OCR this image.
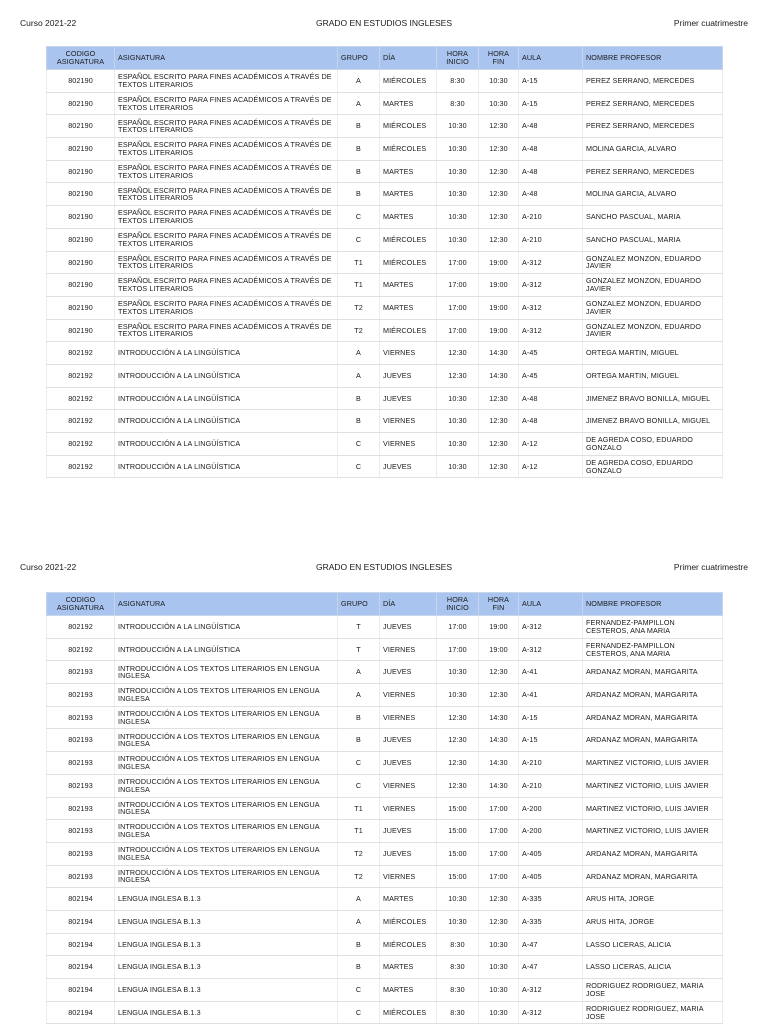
Curso 2021-22	GRADO EN ESTUDIOS INGLESES	Primer cuatrimestre
CODIGO ASIGNATURA	ASIGNATURA	GRUPO	DÍA	HORA INICIO	HORA FIN	AULA	NOMBRE PROFESOR
802190	ESPAÑOL ESCRITO PARA FINES ACADÉMICOS A TRAVÉS DE TEXTOS LITERARIOS	A	MIÉRCOLES	8:30	10:30	A-15	PEREZ SERRANO, MERCEDES
802190	ESPAÑOL ESCRITO PARA FINES ACADÉMICOS A TRAVÉS DE TEXTOS LITERARIOS	A	MARTES	8:30	10:30	A-15	PEREZ SERRANO, MERCEDES
802190	ESPAÑOL ESCRITO PARA FINES ACADÉMICOS A TRAVÉS DE TEXTOS LITERARIOS	B	MIÉRCOLES	10:30	12:30	A-48	PEREZ SERRANO, MERCEDES
802190	ESPAÑOL ESCRITO PARA FINES ACADÉMICOS A TRAVÉS DE TEXTOS LITERARIOS	B	MIÉRCOLES	10:30	12:30	A-48	MOLINA GARCIA, ALVARO
802190	ESPAÑOL ESCRITO PARA FINES ACADÉMICOS A TRAVÉS DE TEXTOS LITERARIOS	B	MARTES	10:30	12:30	A-48	PEREZ SERRANO, MERCEDES
802190	ESPAÑOL ESCRITO PARA FINES ACADÉMICOS A TRAVÉS DE TEXTOS LITERARIOS	B	MARTES	10:30	12:30	A-48	MOLINA GARCIA, ALVARO
802190	ESPAÑOL ESCRITO PARA FINES ACADÉMICOS A TRAVÉS DE TEXTOS LITERARIOS	C	MARTES	10:30	12:30	A-210	SANCHO PASCUAL, MARIA
802190	ESPAÑOL ESCRITO PARA FINES ACADÉMICOS A TRAVÉS DE TEXTOS LITERARIOS	C	MIÉRCOLES	10:30	12:30	A-210	SANCHO PASCUAL, MARIA
802190	ESPAÑOL ESCRITO PARA FINES ACADÉMICOS A TRAVÉS DE TEXTOS LITERARIOS	T1	MIÉRCOLES	17:00	19:00	A-312	GONZALEZ MONZON, EDUARDO JAVIER
802190	ESPAÑOL ESCRITO PARA FINES ACADÉMICOS A TRAVÉS DE TEXTOS LITERARIOS	T1	MARTES	17:00	19:00	A-312	GONZALEZ MONZON, EDUARDO JAVIER
802190	ESPAÑOL ESCRITO PARA FINES ACADÉMICOS A TRAVÉS DE TEXTOS LITERARIOS	T2	MARTES	17:00	19:00	A-312	GONZALEZ MONZON, EDUARDO JAVIER
802190	ESPAÑOL ESCRITO PARA FINES ACADÉMICOS A TRAVÉS DE TEXTOS LITERARIOS	T2	MIÉRCOLES	17:00	19:00	A-312	GONZALEZ MONZON, EDUARDO JAVIER
802192	INTRODUCCIÓN A LA LINGÜÍSTICA	A	VIERNES	12:30	14:30	A-45	ORTEGA MARTIN, MIGUEL
802192	INTRODUCCIÓN A LA LINGÜÍSTICA	A	JUEVES	12:30	14:30	A-45	ORTEGA MARTIN, MIGUEL
802192	INTRODUCCIÓN A LA LINGÜÍSTICA	B	JUEVES	10:30	12:30	A-48	JIMENEZ BRAVO BONILLA, MIGUEL
802192	INTRODUCCIÓN A LA LINGÜÍSTICA	B	VIERNES	10:30	12:30	A-48	JIMENEZ BRAVO BONILLA, MIGUEL
802192	INTRODUCCIÓN A LA LINGÜÍSTICA	C	VIERNES	10:30	12:30	A-12	DE AGREDA COSO, EDUARDO GONZALO
802192	INTRODUCCIÓN A LA LINGÜÍSTICA	C	JUEVES	10:30	12:30	A-12	DE AGREDA COSO, EDUARDO GONZALO
Curso 2021-22	GRADO EN ESTUDIOS INGLESES	Primer cuatrimestre
CODIGO ASIGNATURA	ASIGNATURA	GRUPO	DÍA	HORA INICIO	HORA FIN	AULA	NOMBRE PROFESOR
802192	INTRODUCCIÓN A LA LINGÜÍSTICA	T	JUEVES	17:00	19:00	A-312	FERNANDEZ-PAMPILLON CESTEROS, ANA MARIA
802192	INTRODUCCIÓN A LA LINGÜÍSTICA	T	VIERNES	17:00	19:00	A-312	FERNANDEZ-PAMPILLON CESTEROS, ANA MARIA
802193	INTRODUCCIÓN A LOS TEXTOS LITERARIOS EN LENGUA INGLESA	A	JUEVES	10:30	12:30	A-41	ARDANAZ MORAN, MARGARITA
802193	INTRODUCCIÓN A LOS TEXTOS LITERARIOS EN LENGUA INGLESA	A	VIERNES	10:30	12:30	A-41	ARDANAZ MORAN, MARGARITA
802193	INTRODUCCIÓN A LOS TEXTOS LITERARIOS EN LENGUA INGLESA	B	VIERNES	12:30	14:30	A-15	ARDANAZ MORAN, MARGARITA
802193	INTRODUCCIÓN A LOS TEXTOS LITERARIOS EN LENGUA INGLESA	B	JUEVES	12:30	14:30	A-15	ARDANAZ MORAN, MARGARITA
802193	INTRODUCCIÓN A LOS TEXTOS LITERARIOS EN LENGUA INGLESA	C	JUEVES	12:30	14:30	A-210	MARTINEZ VICTORIO, LUIS JAVIER
802193	INTRODUCCIÓN A LOS TEXTOS LITERARIOS EN LENGUA INGLESA	C	VIERNES	12:30	14:30	A-210	MARTINEZ VICTORIO, LUIS JAVIER
802193	INTRODUCCIÓN A LOS TEXTOS LITERARIOS EN LENGUA INGLESA	T1	VIERNES	15:00	17:00	A-200	MARTINEZ VICTORIO, LUIS JAVIER
802193	INTRODUCCIÓN A LOS TEXTOS LITERARIOS EN LENGUA INGLESA	T1	JUEVES	15:00	17:00	A-200	MARTINEZ VICTORIO, LUIS JAVIER
802193	INTRODUCCIÓN A LOS TEXTOS LITERARIOS EN LENGUA INGLESA	T2	JUEVES	15:00	17:00	A-405	ARDANAZ MORAN, MARGARITA
802193	INTRODUCCIÓN A LOS TEXTOS LITERARIOS EN LENGUA INGLESA	T2	VIERNES	15:00	17:00	A-405	ARDANAZ MORAN, MARGARITA
802194	LENGUA INGLESA B.1.3	A	MARTES	10:30	12:30	A-335	ARUS HITA, JORGE
802194	LENGUA INGLESA B.1.3	A	MIÉRCOLES	10:30	12:30	A-335	ARUS HITA, JORGE
802194	LENGUA INGLESA B.1.3	B	MIÉRCOLES	8:30	10:30	A-47	LASSO LICERAS, ALICIA
802194	LENGUA INGLESA B.1.3	B	MARTES	8:30	10:30	A-47	LASSO LICERAS, ALICIA
802194	LENGUA INGLESA B.1.3	C	MARTES	8:30	10:30	A-312	RODRIGUEZ RODRIGUEZ, MARIA JOSE
802194	LENGUA INGLESA B.1.3	C	MIÉRCOLES	8:30	10:30	A-312	RODRIGUEZ RODRIGUEZ, MARIA JOSE
